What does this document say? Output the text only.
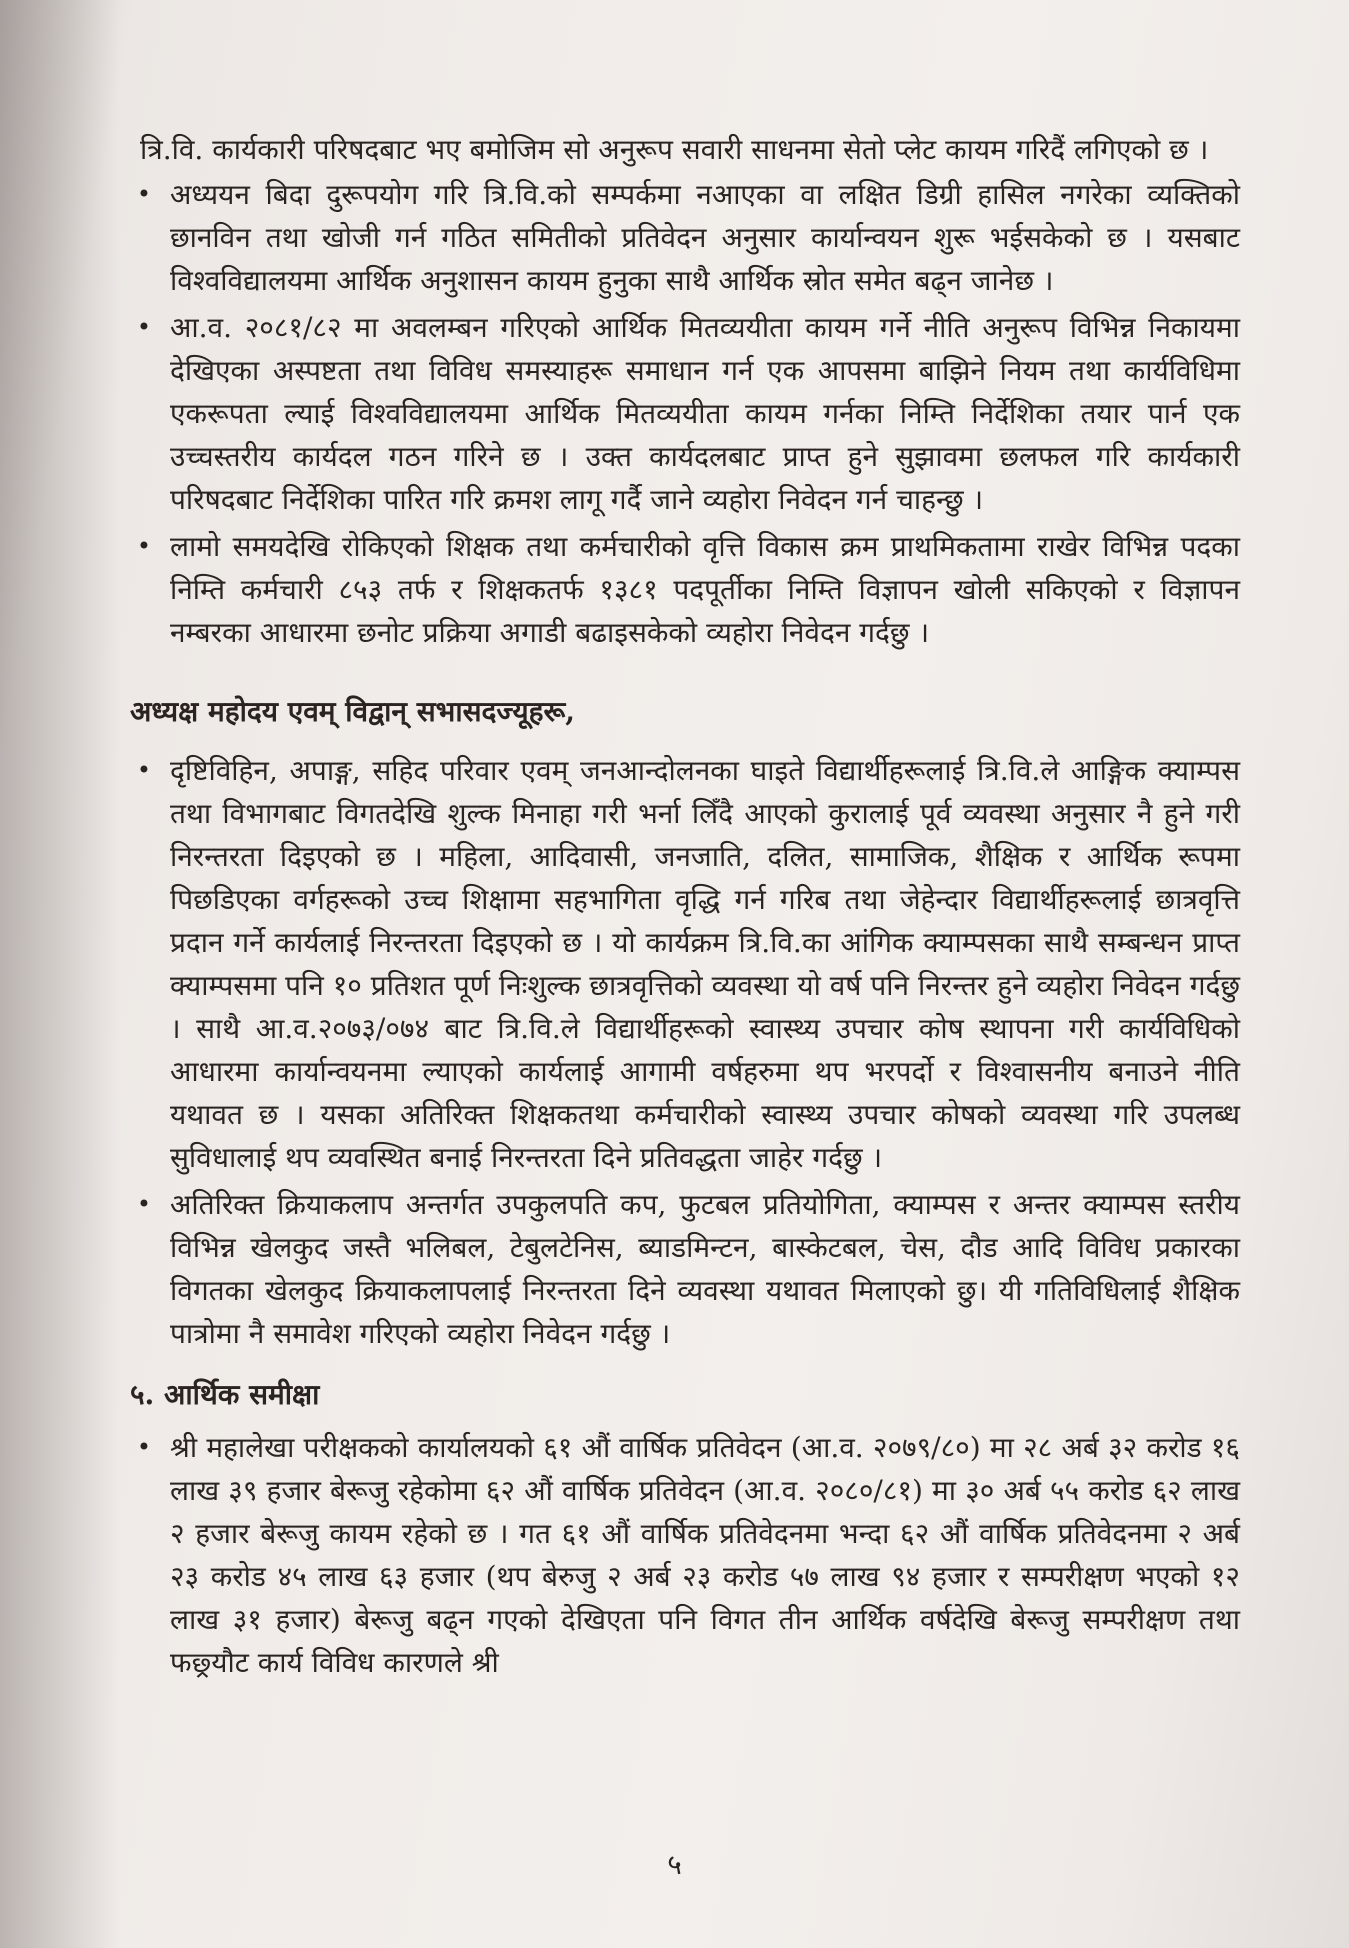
त्रि.वि. कार्यकारी परिषदबाट भए बमोजिम सो अनुरूप सवारी साधनमा सेतो प्लेट कायम गरिदैं लगिएको छ ।

• अध्ययन बिदा दुरूपयोग गरि त्रि.वि.को सम्पर्कमा नआएका वा लक्षित डिग्री हासिल नगरेका व्यक्तिको छानविन तथा खोजी गर्न गठित समितीको प्रतिवेदन अनुसार कार्यान्वयन शुरू भईसकेको छ । यसबाट विश्वविद्यालयमा आर्थिक अनुशासन कायम हुनुका साथै आर्थिक स्रोत समेत बढ्न जानेछ ।
• आ.व. २०८१/८२ मा अवलम्बन गरिएको आर्थिक मितव्ययीता कायम गर्ने नीति अनुरूप विभिन्न निकायमा देखिएका अस्पष्टता तथा विविध समस्याहरू समाधान गर्न एक आपसमा बाझिने नियम तथा कार्यविधिमा एकरूपता ल्याई विश्वविद्यालयमा आर्थिक मितव्ययीता कायम गर्नका निम्ति निर्देशिका तयार पार्न एक उच्चस्तरीय कार्यदल गठन गरिने छ । उक्त कार्यदलबाट प्राप्त हुने सुझावमा छलफल गरि कार्यकारी परिषदबाट निर्देशिका पारित गरि क्रमश लागू गर्दै जाने व्यहोरा निवेदन गर्न चाहन्छु ।
• लामो समयदेखि रोकिएको शिक्षक तथा कर्मचारीको वृत्ति विकास क्रम प्राथमिकतामा राखेर विभिन्न पदका निम्ति कर्मचारी ८५३ तर्फ र शिक्षकतर्फ १३८१ पदपूर्तीका निम्ति विज्ञापन खोली सकिएको र विज्ञापन नम्बरका आधारमा छनोट प्रक्रिया अगाडी बढाइसकेको व्यहोरा निवेदन गर्दछु ।
अध्यक्ष महोदय एवम् विद्वान् सभासदज्यूहरू,
• दृष्टिविहिन, अपाङ्ग, सहिद परिवार एवम् जनआन्दोलनका घाइते विद्यार्थीहरूलाई त्रि.वि.ले आङ्गिक क्याम्पस तथा विभागबाट विगतदेखि शुल्क मिनाहा गरी भर्ना लिँदै आएको कुरालाई पूर्व व्यवस्था अनुसार नै हुने गरी निरन्तरता दिइएको छ । महिला, आदिवासी, जनजाति, दलित, सामाजिक, शैक्षिक र आर्थिक रूपमा पिछडिएका वर्गहरूको उच्च शिक्षामा सहभागिता वृद्धि गर्न गरिब तथा जेहेन्दार विद्यार्थीहरूलाई छात्रवृत्ति प्रदान गर्ने कार्यलाई निरन्तरता दिइएको छ । यो कार्यक्रम त्रि.वि.का आंगिक क्याम्पसका साथै सम्बन्धन प्राप्त क्याम्पसमा पनि १० प्रतिशत पूर्ण निःशुल्क छात्रवृत्तिको व्यवस्था यो वर्ष पनि निरन्तर हुने व्यहोरा निवेदन गर्दछु । साथै आ.व.२०७३/०७४ बाट त्रि.वि.ले विद्यार्थीहरूको स्वास्थ्य उपचार कोष स्थापना गरी कार्यविधिको आधारमा कार्यान्वयनमा ल्याएको कार्यलाई आगामी वर्षहरुमा थप भरपर्दो र विश्वासनीय बनाउने नीति यथावत छ । यसका अतिरिक्त शिक्षकतथा कर्मचारीको स्वास्थ्य उपचार कोषको व्यवस्था गरि उपलब्ध सुविधालाई थप व्यवस्थित बनाई निरन्तरता दिने प्रतिवद्धता जाहेर गर्दछु ।
• अतिरिक्त क्रियाकलाप अन्तर्गत उपकुलपति कप, फुटबल प्रतियोगिता, क्याम्पस र अन्तर क्याम्पस स्तरीय विभिन्न खेलकुद जस्तै भलिबल, टेबुलटेनिस, ब्याडमिन्टन, बास्केटबल, चेस, दौड आदि विविध प्रकारका विगतका खेलकुद क्रियाकलापलाई निरन्तरता दिने व्यवस्था यथावत मिलाएको छु। यी गतिविधिलाई शैक्षिक पात्रोमा नै समावेश गरिएको व्यहोरा निवेदन गर्दछु ।
५. आर्थिक समीक्षा
• श्री महालेखा परीक्षकको कार्यालयको ६१ औं वार्षिक प्रतिवेदन (आ.व. २०७९/८०) मा २८ अर्ब ३२ करोड १६ लाख ३९ हजार बेरूजु रहेकोमा ६२ औं वार्षिक प्रतिवेदन (आ.व. २०८०/८१) मा ३० अर्ब ५५ करोड ६२ लाख २ हजार बेरूजु कायम रहेको छ । गत ६१ औं वार्षिक प्रतिवेदनमा भन्दा ६२ औं वार्षिक प्रतिवेदनमा २ अर्ब २३ करोड ४५ लाख ६३ हजार (थप बेरुजु २ अर्ब २३ करोड ५७ लाख ९४ हजार र सम्परीक्षण भएको १२ लाख ३१ हजार) बेरूजु बढ्न गएको देखिएता पनि विगत तीन आर्थिक वर्षदेखि बेरूजु सम्परीक्षण तथा फछ्र्यौट कार्य विविध कारणले श्री
५
